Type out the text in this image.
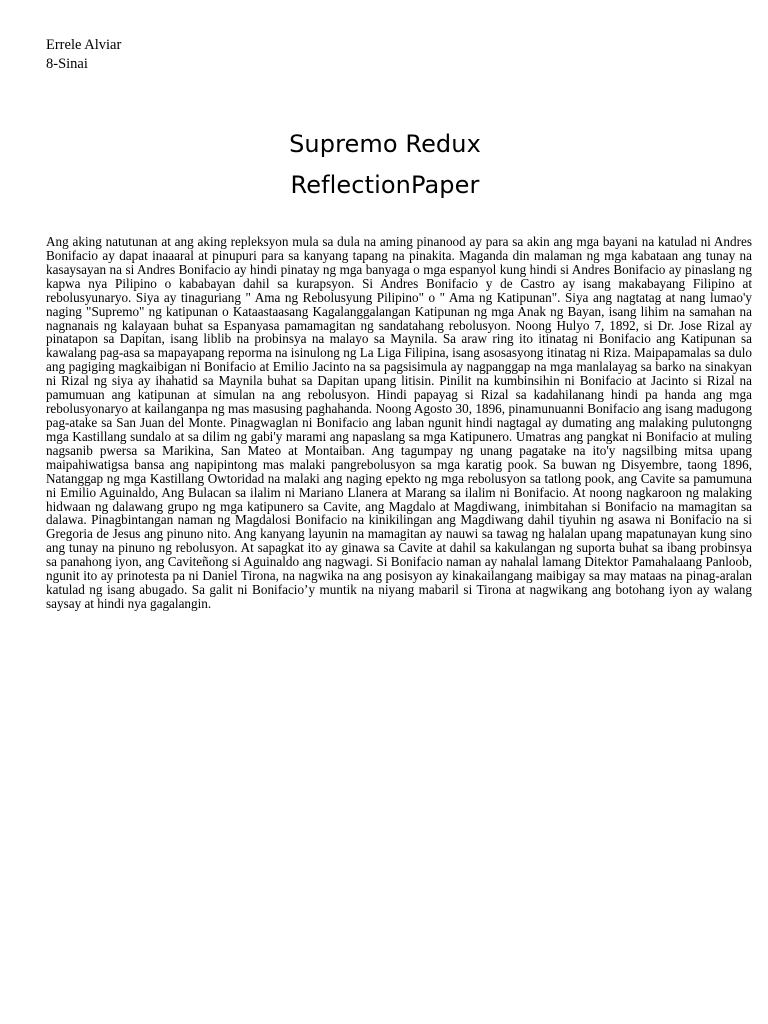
Errele Alviar
8-Sinai
Supremo Redux
ReflectionPaper
Ang aking natutunan at ang aking repleksyon mula sa dula na aming pinanood ay para sa akin ang mga bayani na katulad ni Andres Bonifacio ay dapat inaaaral at pinupuri para sa kanyang tapang na pinakita. Maganda din malaman ng mga kabataan ang tunay na kasaysayan na si Andres Bonifacio ay hindi pinatay ng mga banyaga o mga espanyol kung hindi si Andres Bonifacio ay pinaslang ng kapwa nya Pilipino o kababayan dahil sa kurapsyon. Si Andres Bonifacio y de Castro ay isang makabayang Filipino at rebolusyunaryo. Siya ay tinaguriang " Ama ng Rebolusyung Pilipino" o " Ama ng Katipunan". Siya ang nagtatag at nang lumao'y naging "Supremo" ng katipunan o Kataastaasang Kagalanggalangan Katipunan ng mga Anak ng Bayan, isang lihim na samahan na nagnanais ng kalayaan buhat sa Espanyasa pamamagitan ng sandatahang rebolusyon. Noong Hulyo 7, 1892, si Dr. Jose Rizal ay pinatapon sa Dapitan, isang liblib na probinsya na malayo sa Maynila. Sa araw ring ito itinatag ni Bonifacio ang Katipunan sa kawalang pag-asa sa mapayapang reporma na isinulong ng La Liga Filipina, isang asosasyong itinatag ni Riza. Maipapamalas sa dulo ang pagiging magkaibigan ni Bonifacio at Emilio Jacinto na sa pagsisimula ay nagpanggap na mga manlalayag sa barko na sinakyan ni Rizal ng siya ay ihahatid sa Maynila buhat sa Dapitan upang litisin. Pinilit na kumbinsihin ni Bonifacio at Jacinto si Rizal na pamumuan ang katipunan at simulan na ang rebolusyon. Hindi papayag si Rizal sa kadahilanang hindi pa handa ang mga rebolusyonaryo at kailanganpa ng mas masusing paghahanda. Noong Agosto 30, 1896, pinamunuanni Bonifacio ang isang madugong pag-atake sa San Juan del Monte. Pinagwaglan ni Bonifacio ang laban ngunit hindi nagtagal ay dumating ang malaking pulutongng mga Kastillang sundalo at sa dilim ng gabi'y marami ang napaslang sa mga Katipunero. Umatras ang pangkat ni Bonifacio at muling nagsanib pwersa sa Marikina, San Mateo at Montaiban. Ang tagumpay ng unang pagatake na ito'y nagsilbing mitsa upang maipahiwatigsa bansa ang napipintong mas malaki pangrebolusyon sa mga karatig pook. Sa buwan ng Disyembre, taong 1896, Natanggap ng mga Kastillang Owtoridad na malaki ang naging epekto ng mga rebolusyon sa tatlong pook, ang Cavite sa pamumuna ni Emilio Aguinaldo, Ang Bulacan sa ilalim ni Mariano Llanera at Marang sa ilalim ni Bonifacio. At noong nagkaroon ng malaking hidwaan ng dalawang grupo ng mga katipunero sa Cavite, ang Magdalo at Magdiwang, inimbitahan si Bonifacio na mamagitan sa dalawa. Pinagbintangan naman ng Magdalosi Bonifacio na kinikilingan ang Magdiwang dahil tiyuhin ng asawa ni Bonifacio na si Gregoria de Jesus ang pinuno nito. Ang kanyang layunin na mamagitan ay nauwi sa tawag ng halalan upang mapatunayan kung sino ang tunay na pinuno ng rebolusyon. At sapagkat ito ay ginawa sa Cavite at dahil sa kakulangan ng suporta buhat sa ibang probinsya sa panahong iyon, ang Caviteñong si Aguinaldo ang nagwagi. Si Bonifacio naman ay nahalal lamang Ditektor Pamahalaang Panloob, ngunit ito ay prinotesta pa ni Daniel Tirona, na nagwika na ang posisyon ay kinakailangang maibigay sa may mataas na pinag-aralan katulad ng isang abugado. Sa galit ni Bonifacio’y muntik na niyang mabaril si Tirona at nagwikang ang botohang iyon ay walang saysay at hindi nya gagalangin.
